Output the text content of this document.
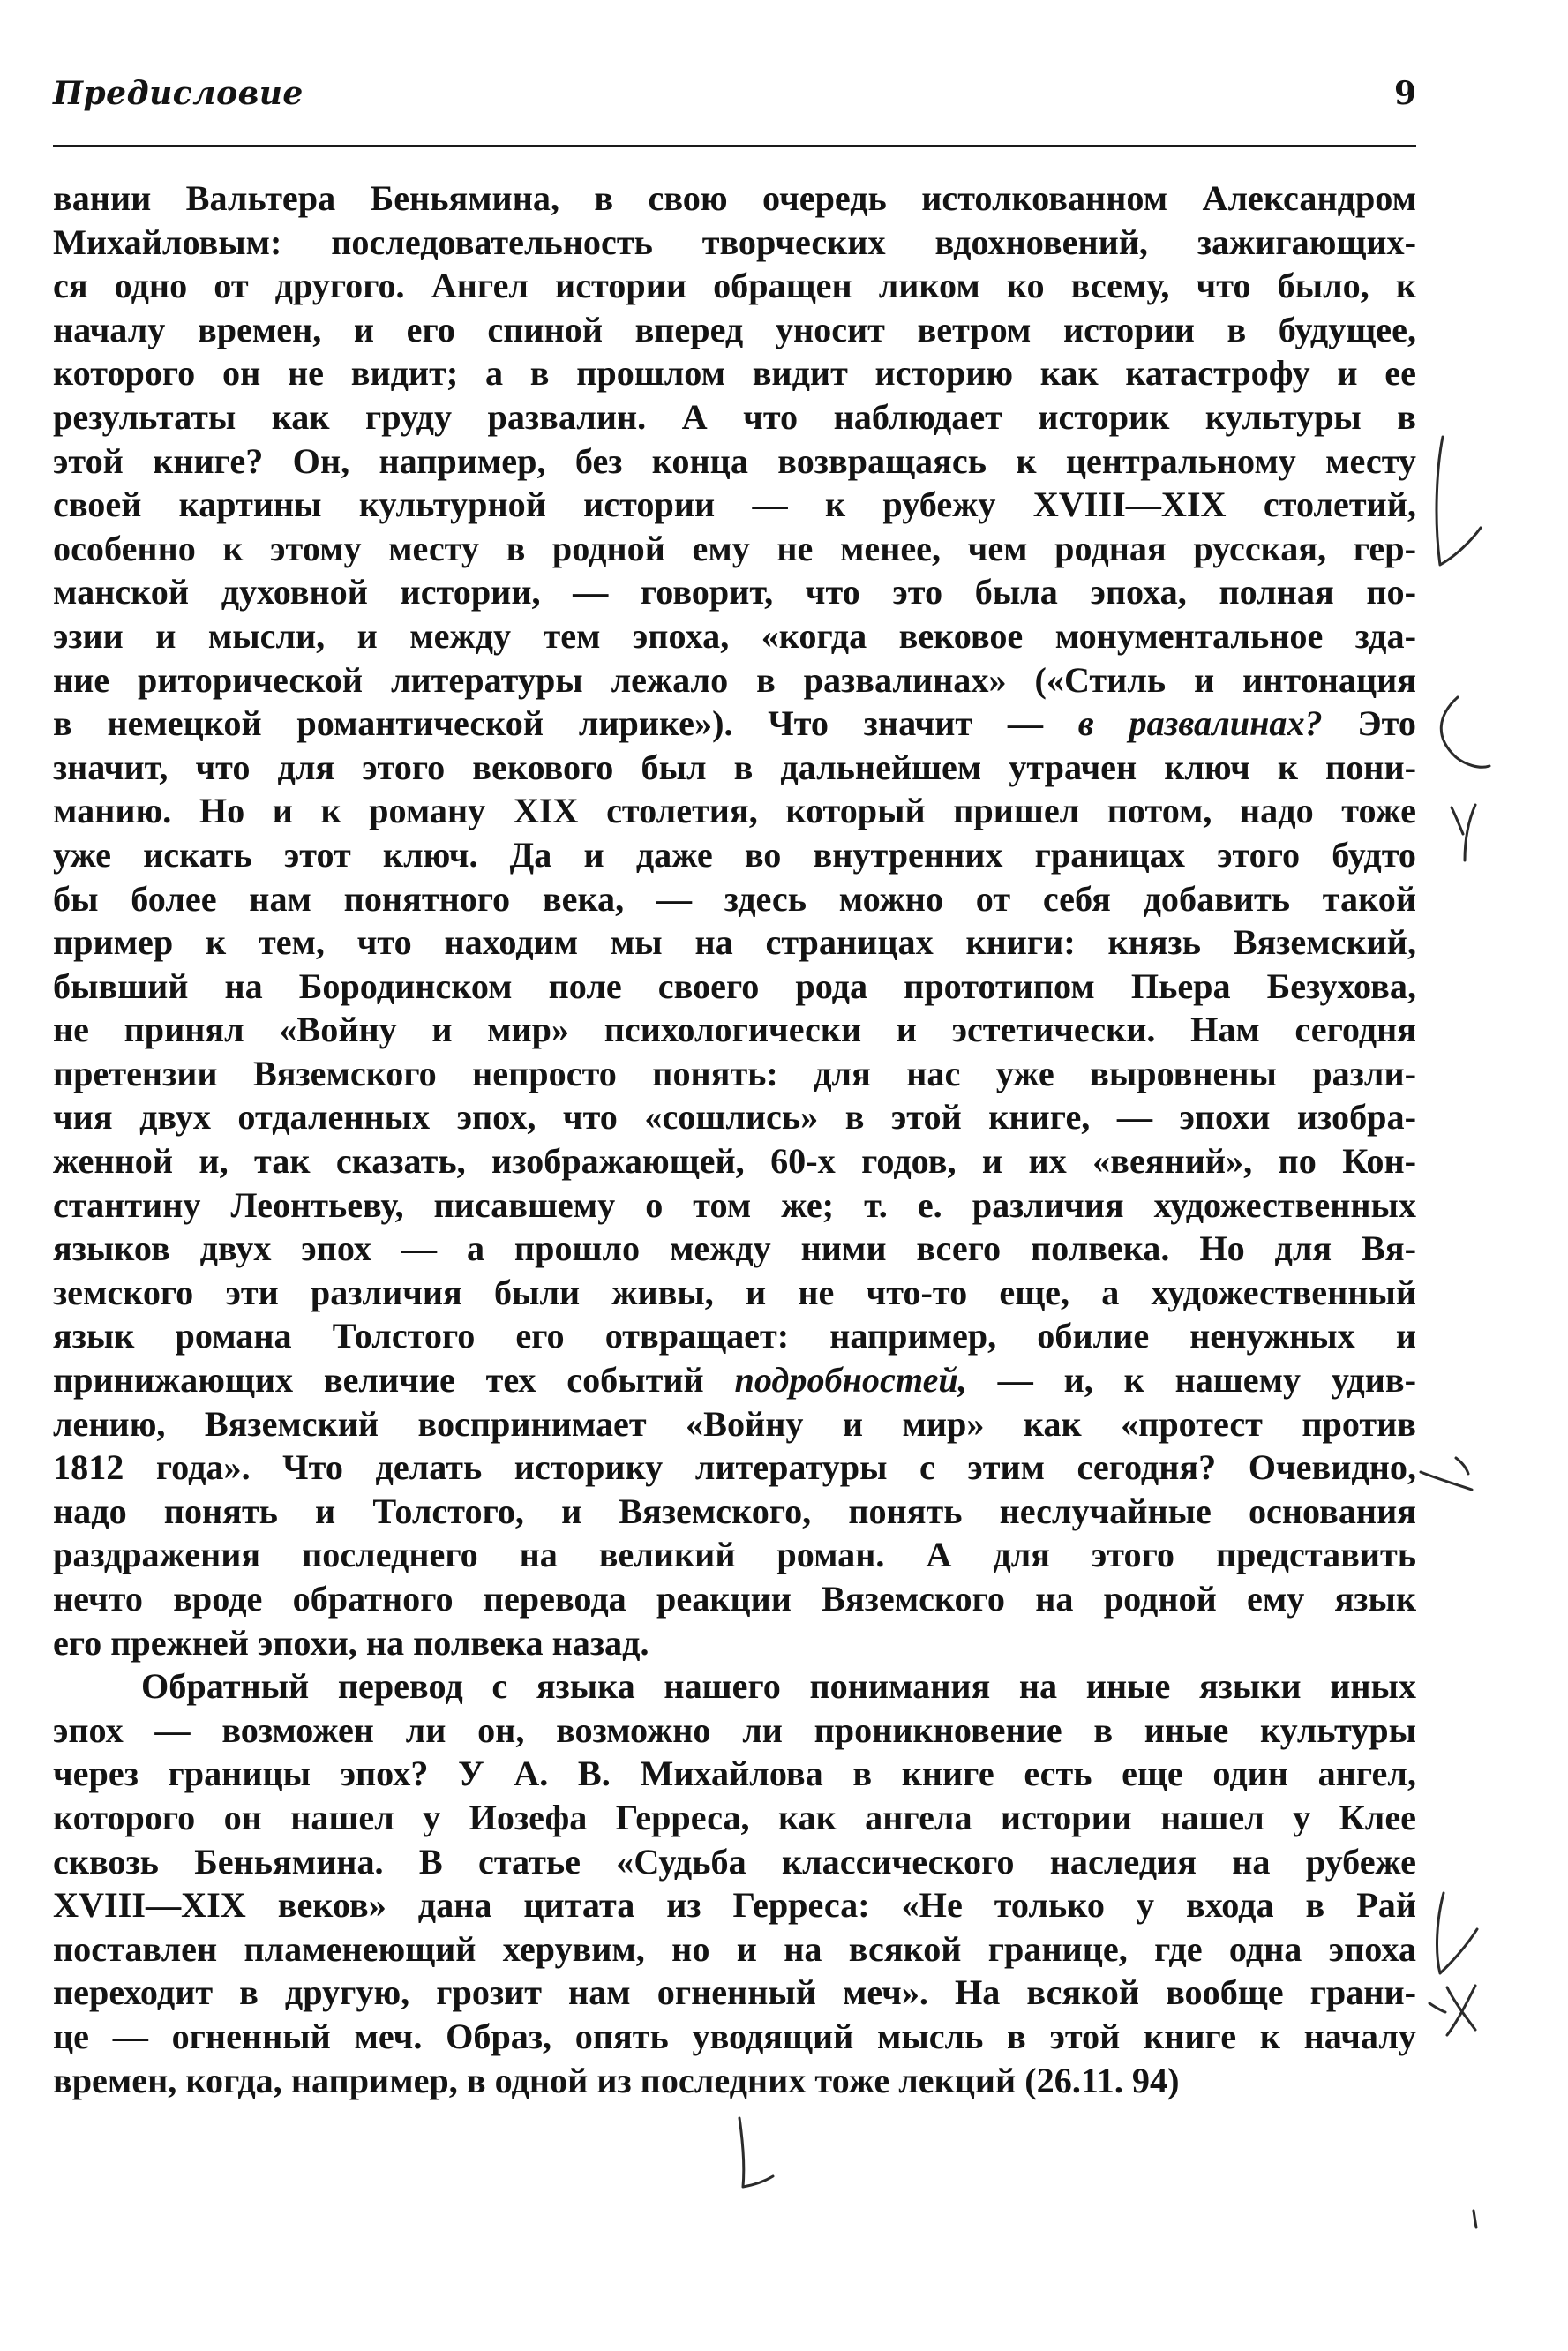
Предисловие	9
вании Вальтера Беньямина, в свою очередь истолкованном Александром
Михайловым: последовательность творческих вдохновений, зажигающих-
ся одно от другого. Ангел истории обращен ликом ко всему, что было, к
началу времен, и его спиной вперед уносит ветром истории в будущее,
которого он не видит; а в прошлом видит историю как катастрофу и ее
результаты как груду развалин. А что наблюдает историк культуры в
этой книге? Он, например, без конца возвращаясь к центральному месту
своей картины культурной истории — к рубежу XVIII—XIX столетий,
особенно к этому месту в родной ему не менее, чем родная русская, гер-
манской духовной истории, — говорит, что это была эпоха, полная по-
эзии и мысли, и между тем эпоха, «когда вековое монументальное зда-
ние риторической литературы лежало в развалинах» («Стиль и интонация
в немецкой романтической лирике»). Что значит — в развалинах? Это
значит, что для этого векового был в дальнейшем утрачен ключ к пони-
манию. Но и к роману XIX столетия, который пришел потом, надо тоже
уже искать этот ключ. Да и даже во внутренних границах этого будто
бы более нам понятного века, — здесь можно от себя добавить такой
пример к тем, что находим мы на страницах книги: князь Вяземский,
бывший на Бородинском поле своего рода прототипом Пьера Безухова,
не принял «Войну и мир» психологически и эстетически. Нам сегодня
претензии Вяземского непросто понять: для нас уже выровнены разли-
чия двух отдаленных эпох, что «сошлись» в этой книге, — эпохи изобра-
женной и, так сказать, изображающей, 60-х годов, и их «веяний», по Кон-
стантину Леонтьеву, писавшему о том же; т. е. различия художественных
языков двух эпох — а прошло между ними всего полвека. Но для Вя-
земского эти различия были живы, и не что-то еще, а художественный
язык романа Толстого его отвращает: например, обилие ненужных и
принижающих величие тех событий подробностей, — и, к нашему удив-
лению, Вяземский воспринимает «Войну и мир» как «протест против
1812 года». Что делать историку литературы с этим сегодня? Очевидно,
надо понять и Толстого, и Вяземского, понять неслучайные основания
раздражения последнего на великий роман. А для этого представить
нечто вроде обратного перевода реакции Вяземского на родной ему язык
его прежней эпохи, на полвека назад.
Обратный перевод с языка нашего понимания на иные языки иных
эпох — возможен ли он, возможно ли проникновение в иные культуры
через границы эпох? У А. В. Михайлова в книге есть еще один ангел,
которого он нашел у Иозефа Герреса, как ангела истории нашел у Клее
сквозь Беньямина. В статье «Судьба классического наследия на рубеже
XVIII—XIX веков» дана цитата из Герреса: «Не только у входа в Рай
поставлен пламенеющий херувим, но и на всякой границе, где одна эпоха
переходит в другую, грозит нам огненный меч». На всякой вообще грани-
це — огненный меч. Образ, опять уводящий мысль в этой книге к началу
времен, когда, например, в одной из последних тоже лекций (26.11. 94)
